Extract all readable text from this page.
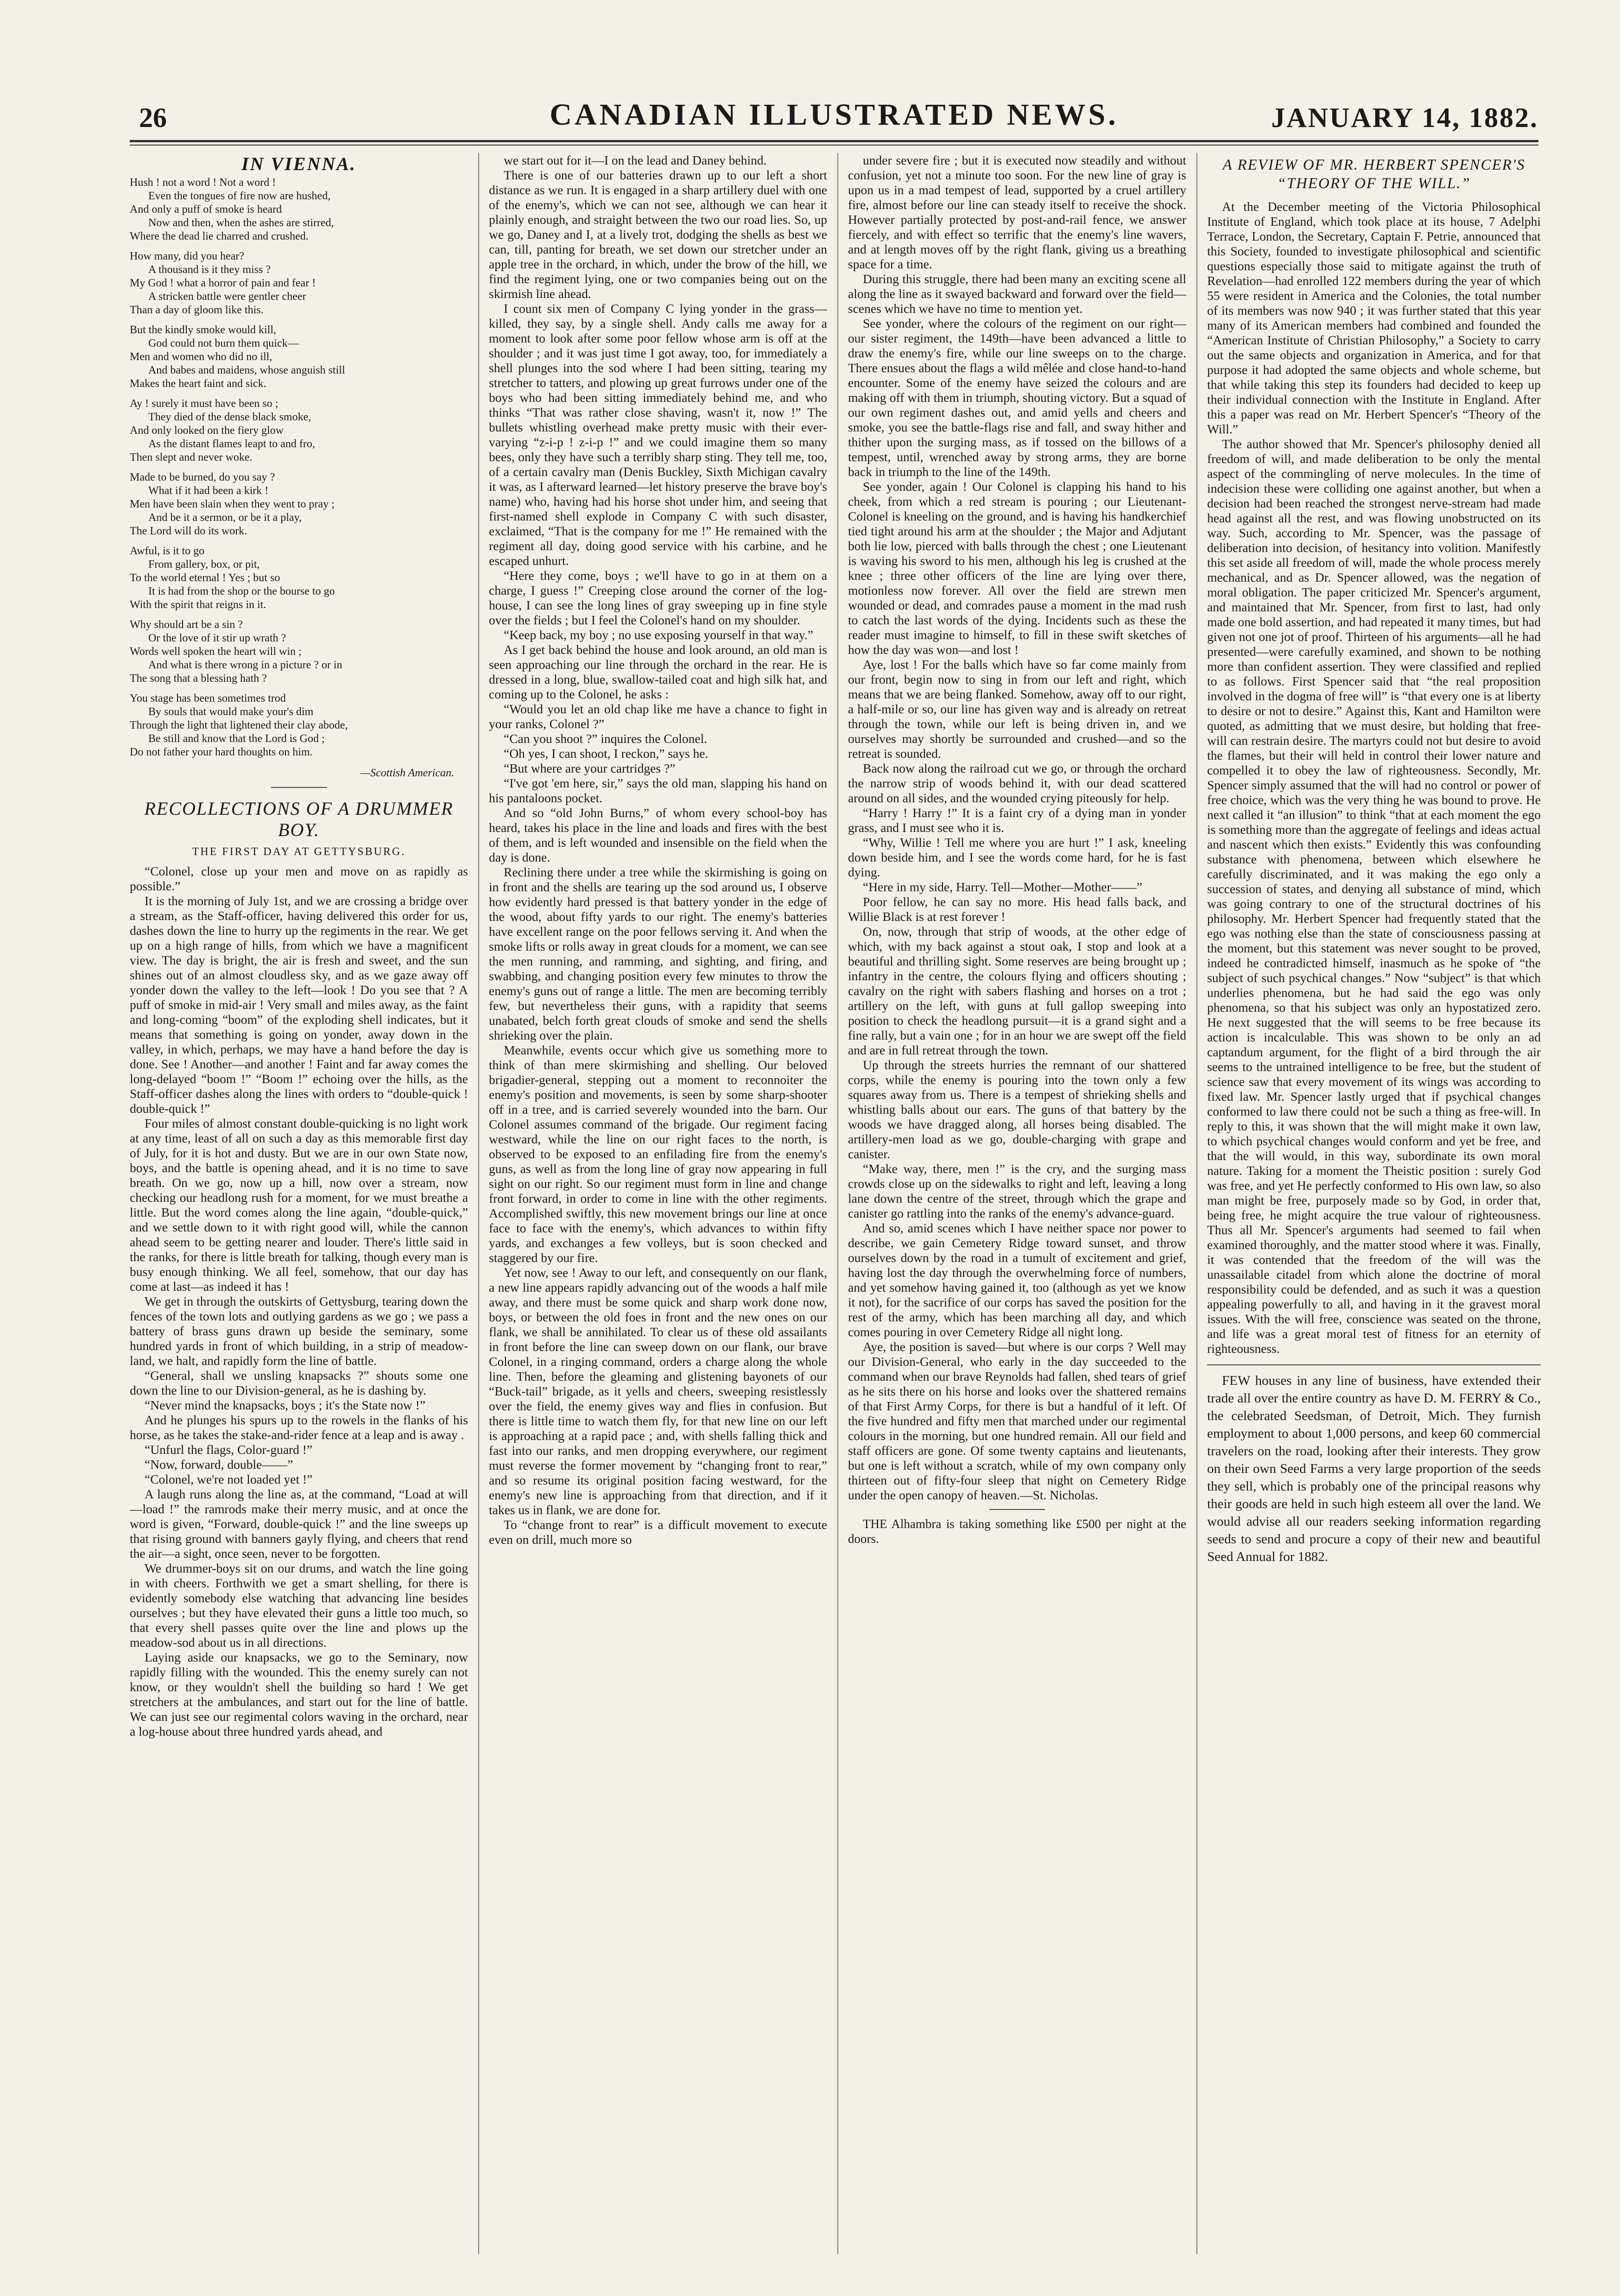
26	CANADIAN ILLUSTRATED NEWS.	JANUARY 14, 1882.
IN VIENNA.
Hush ! not a word ! Not a word !
Even the tongues of fire now are hushed,
And only a puff of smoke is heard
Now and then, when the ashes are stirred,
Where the dead lie charred and crushed.
How many, did you hear?
A thousand is it they miss ?
My God ! what a horror of pain and fear !
A stricken battle were gentler cheer
Than a day of gloom like this.
But the kindly smoke would kill,
God could not burn them quick—
Men and women who did no ill,
And babes and maidens, whose anguish still
Makes the heart faint and sick.
Ay ! surely it must have been so ;
They died of the dense black smoke,
And only looked on the fiery glow
As the distant flames leapt to and fro,
Then slept and never woke.
Made to be burned, do you say ?
What if it had been a kirk !
Men have been slain when they went to pray ;
And be it a sermon, or be it a play,
The Lord will do its work.
Awful, is it to go
From gallery, box, or pit,
To the world eternal ! Yes ; but so
It is had from the shop or the bourse to go
With the spirit that reigns in it.
Why should art be a sin ?
Or the love of it stir up wrath ?
Words well spoken the heart will win ;
And what is there wrong in a picture ? or in
The song that a blessing hath ?
You stage has been sometimes trod
By souls that would make your's dim
Through the light that lightened their clay abode,
Be still and know that the Lord is God ;
Do not father your hard thoughts on him.
—Scottish American.
RECOLLECTIONS OF A DRUMMER BOY.
THE FIRST DAY AT GETTYSBURG.

“Colonel, close up your men and move on as rapidly as possible.”

It is the morning of July 1st, and we are crossing a bridge over a stream, as the Staff-officer, having delivered this order for us, dashes down the line to hurry up the regiments in the rear. We get up on a high range of hills, from which we have a magnificent view. The day is bright, the air is fresh and sweet, and the sun shines out of an almost cloudless sky, and as we gaze away off yonder down the valley to the left—look ! Do you see that ? A puff of smoke in mid-air ! Very small and miles away, as the faint and long-coming “boom” of the exploding shell indicates, but it means that something is going on yonder, away down in the valley, in which, perhaps, we may have a hand before the day is done. See ! Another—and another ! Faint and far away comes the long-delayed “boom !” “Boom !” echoing over the hills, as the Staff-officer dashes along the lines with orders to “double-quick ! double-quick !”

Four miles of almost constant double-quicking is no light work at any time, least of all on such a day as this memorable first day of July, for it is hot and dusty. But we are in our own State now, boys, and the battle is opening ahead, and it is no time to save breath. On we go, now up a hill, now over a stream, now checking our headlong rush for a moment, for we must breathe a little. But the word comes along the line again, “double-quick,” and we settle down to it with right good will, while the cannon ahead seem to be getting nearer and louder. There's little said in the ranks, for there is little breath for talking, though every man is busy enough thinking. We all feel, somehow, that our day has come at last—as indeed it has !

We get in through the outskirts of Gettysburg, tearing down the fences of the town lots and outlying gardens as we go ; we pass a battery of brass guns drawn up beside the seminary, some hundred yards in front of which building, in a strip of meadow-land, we halt, and rapidly form the line of battle.

“General, shall we unsling knapsacks ?” shouts some one down the line to our Division-general, as he is dashing by.

“Never mind the knapsacks, boys ; it's the State now !”

And he plunges his spurs up to the rowels in the flanks of his horse, as he takes the stake-and-rider fence at a leap and is away .

“Unfurl the flags, Color-guard !”

“Now, forward, double——”

“Colonel, we're not loaded yet !”

A laugh runs along the line as, at the command, “Load at will—load !” the ramrods make their merry music, and at once the word is given, “Forward, double-quick !” and the line sweeps up that rising ground with banners gayly flying, and cheers that rend the air—a sight, once seen, never to be forgotten.

We drummer-boys sit on our drums, and watch the line going in with cheers. Forthwith we get a smart shelling, for there is evidently somebody else watching that advancing line besides ourselves ; but they have elevated their guns a little too much, so that every shell passes quite over the line and plows up the meadow-sod about us in all directions.

Laying aside our knapsacks, we go to the Seminary, now rapidly filling with the wounded. This the enemy surely can not know, or they wouldn't shell the building so hard ! We get stretchers at the ambulances, and start out for the line of battle. We can just see our regimental colors waving in the orchard, near a log-house about three hundred yards ahead, and

we start out for it—I on the lead and Daney behind.

There is one of our batteries drawn up to our left a short distance as we run. It is engaged in a sharp artillery duel with one of the enemy's, which we can not see, although we can hear it plainly enough, and straight between the two our road lies. So, up we go, Daney and I, at a lively trot, dodging the shells as best we can, till, panting for breath, we set down our stretcher under an apple tree in the orchard, in which, under the brow of the hill, we find the regiment lying, one or two companies being out on the skirmish line ahead.

I count six men of Company C lying yonder in the grass—killed, they say, by a single shell. Andy calls me away for a moment to look after some poor fellow whose arm is off at the shoulder ; and it was just time I got away, too, for immediately a shell plunges into the sod where I had been sitting, tearing my stretcher to tatters, and plowing up great furrows under one of the boys who had been sitting immediately behind me, and who thinks “That was rather close shaving, wasn't it, now !” The bullets whistling overhead make pretty music with their ever-varying “z-i-p ! z-i-p !” and we could imagine them so many bees, only they have such a terribly sharp sting. They tell me, too, of a certain cavalry man (Denis Buckley, Sixth Michigan cavalry it was, as I afterward learned—let history preserve the brave boy's name) who, having had his horse shot under him, and seeing that first-named shell explode in Company C with such disaster, exclaimed, “That is the company for me !” He remained with the regiment all day, doing good service with his carbine, and he escaped unhurt.

“Here they come, boys ; we'll have to go in at them on a charge, I guess !” Creeping close around the corner of the log-house, I can see the long lines of gray sweeping up in fine style over the fields ; but I feel the Colonel's hand on my shoulder.

“Keep back, my boy ; no use exposing yourself in that way.”

As I get back behind the house and look around, an old man is seen approaching our line through the orchard in the rear. He is dressed in a long, blue, swallow-tailed coat and high silk hat, and coming up to the Colonel, he asks :

“Would you let an old chap like me have a chance to fight in your ranks, Colonel ?”

“Can you shoot ?” inquires the Colonel.

“Oh yes, I can shoot, I reckon,” says he.

“But where are your cartridges ?”

“I've got 'em here, sir,” says the old man, slapping his hand on his pantaloons pocket.

And so “old John Burns,” of whom every school-boy has heard, takes his place in the line and loads and fires with the best of them, and is left wounded and insensible on the field when the day is done.

Reclining there under a tree while the skirmishing is going on in front and the shells are tearing up the sod around us, I observe how evidently hard pressed is that battery yonder in the edge of the wood, about fifty yards to our right. The enemy's batteries have excellent range on the poor fellows serving it. And when the smoke lifts or rolls away in great clouds for a moment, we can see the men running, and ramming, and sighting, and firing, and swabbing, and changing position every few minutes to throw the enemy's guns out of range a little. The men are becoming terribly few, but nevertheless their guns, with a rapidity that seems unabated, belch forth great clouds of smoke and send the shells shrieking over the plain.

Meanwhile, events occur which give us something more to think of than mere skirmishing and shelling. Our beloved brigadier-general, stepping out a moment to reconnoiter the enemy's position and movements, is seen by some sharp-shooter off in a tree, and is carried severely wounded into the barn. Our Colonel assumes command of the brigade. Our regiment facing westward, while the line on our right faces to the north, is observed to be exposed to an enfilading fire from the enemy's guns, as well as from the long line of gray now appearing in full sight on our right. So our regiment must form in line and change front forward, in order to come in line with the other regiments. Accomplished swiftly, this new movement brings our line at once face to face with the enemy's, which advances to within fifty yards, and exchanges a few volleys, but is soon checked and staggered by our fire.

Yet now, see ! Away to our left, and consequently on our flank, a new line appears rapidly advancing out of the woods a half mile away, and there must be some quick and sharp work done now, boys, or between the old foes in front and the new ones on our flank, we shall be annihilated. To clear us of these old assailants in front before the line can sweep down on our flank, our brave Colonel, in a ringing command, orders a charge along the whole line. Then, before the gleaming and glistening bayonets of our “Buck-tail” brigade, as it yells and cheers, sweeping resistlessly over the field, the enemy gives way and flies in confusion. But there is little time to watch them fly, for that new line on our left is approaching at a rapid pace ; and, with shells falling thick and fast into our ranks, and men dropping everywhere, our regiment must reverse the former movement by “changing front to rear,” and so resume its original position facing westward, for the enemy's new line is approaching from that direction, and if it takes us in flank, we are done for.

To “change front to rear” is a difficult movement to execute even on drill, much more so

under severe fire ; but it is executed now steadily and without confusion, yet not a minute too soon. For the new line of gray is upon us in a mad tempest of lead, supported by a cruel artillery fire, almost before our line can steady itself to receive the shock. However partially protected by post-and-rail fence, we answer fiercely, and with effect so terrific that the enemy's line wavers, and at length moves off by the right flank, giving us a breathing space for a time.

During this struggle, there had been many an exciting scene all along the line as it swayed backward and forward over the field—scenes which we have no time to mention yet.

See yonder, where the colours of the regiment on our right—our sister regiment, the 149th—have been advanced a little to draw the enemy's fire, while our line sweeps on to the charge. There ensues about the flags a wild mêlée and close hand-to-hand encounter. Some of the enemy have seized the colours and are making off with them in triumph, shouting victory. But a squad of our own regiment dashes out, and amid yells and cheers and smoke, you see the battle-flags rise and fall, and sway hither and thither upon the surging mass, as if tossed on the billows of a tempest, until, wrenched away by strong arms, they are borne back in triumph to the line of the 149th.

See yonder, again ! Our Colonel is clapping his hand to his cheek, from which a red stream is pouring ; our Lieutenant-Colonel is kneeling on the ground, and is having his handkerchief tied tight around his arm at the shoulder ; the Major and Adjutant both lie low, pierced with balls through the chest ; one Lieutenant is waving his sword to his men, although his leg is crushed at the knee ; three other officers of the line are lying over there, motionless now forever. All over the field are strewn men wounded or dead, and comrades pause a moment in the mad rush to catch the last words of the dying. Incidents such as these the reader must imagine to himself, to fill in these swift sketches of how the day was won—and lost !

Aye, lost ! For the balls which have so far come mainly from our front, begin now to sing in from our left and right, which means that we are being flanked. Somehow, away off to our right, a half-mile or so, our line has given way and is already on retreat through the town, while our left is being driven in, and we ourselves may shortly be surrounded and crushed—and so the retreat is sounded.

Back now along the railroad cut we go, or through the orchard the narrow strip of woods behind it, with our dead scattered around on all sides, and the wounded crying piteously for help.

“Harry ! Harry !” It is a faint cry of a dying man in yonder grass, and I must see who it is.

“Why, Willie ! Tell me where you are hurt !” I ask, kneeling down beside him, and I see the words come hard, for he is fast dying.

“Here in my side, Harry. Tell—Mother—Mother——”

Poor fellow, he can say no more. His head falls back, and Willie Black is at rest forever !

On, now, through that strip of woods, at the other edge of which, with my back against a stout oak, I stop and look at a beautiful and thrilling sight. Some reserves are being brought up ; infantry in the centre, the colours flying and officers shouting ; cavalry on the right with sabers flashing and horses on a trot ; artillery on the left, with guns at full gallop sweeping into position to check the headlong pursuit—it is a grand sight and a fine rally, but a vain one ; for in an hour we are swept off the field and are in full retreat through the town.

Up through the streets hurries the remnant of our shattered corps, while the enemy is pouring into the town only a few squares away from us. There is a tempest of shrieking shells and whistling balls about our ears. The guns of that battery by the woods we have dragged along, all horses being disabled. The artillery-men load as we go, double-charging with grape and canister.

“Make way, there, men !” is the cry, and the surging mass crowds close up on the sidewalks to right and left, leaving a long lane down the centre of the street, through which the grape and canister go rattling into the ranks of the enemy's advance-guard.

And so, amid scenes which I have neither space nor power to describe, we gain Cemetery Ridge toward sunset, and throw ourselves down by the road in a tumult of excitement and grief, having lost the day through the overwhelming force of numbers, and yet somehow having gained it, too (although as yet we know it not), for the sacrifice of our corps has saved the position for the rest of the army, which has been marching all day, and which comes pouring in over Cemetery Ridge all night long.

Aye, the position is saved—but where is our corps ? Well may our Division-General, who early in the day succeeded to the command when our brave Reynolds had fallen, shed tears of grief as he sits there on his horse and looks over the shattered remains of that First Army Corps, for there is but a handful of it left. Of the five hundred and fifty men that marched under our regimental colours in the morning, but one hundred remain. All our field and staff officers are gone. Of some twenty captains and lieutenants, but one is left without a scratch, while of my own company only thirteen out of fifty-four sleep that night on Cemetery Ridge under the open canopy of heaven.—St. Nicholas.

THE Alhambra is taking something like £500 per night at the doors.

A REVIEW OF MR. HERBERT SPENCER'S “THEORY OF THE WILL.”

At the December meeting of the Victoria Philosophical Institute of England, which took place at its house, 7 Adelphi Terrace, London, the Secretary, Captain F. Petrie, announced that this Society, founded to investigate philosophical and scientific questions especially those said to mitigate against the truth of Revelation—had enrolled 122 members during the year of which 55 were resident in America and the Colonies, the total number of its members was now 940 ; it was further stated that this year many of its American members had combined and founded the “American Institute of Christian Philosophy,” a Society to carry out the same objects and organization in America, and for that purpose it had adopted the same objects and whole scheme, but that while taking this step its founders had decided to keep up their individual connection with the Institute in England. After this a paper was read on Mr. Herbert Spencer's “Theory of the Will.”

The author showed that Mr. Spencer's philosophy denied all freedom of will, and made deliberation to be only the mental aspect of the commingling of nerve molecules. In the time of indecision these were colliding one against another, but when a decision had been reached the strongest nerve-stream had made head against all the rest, and was flowing unobstructed on its way. Such, according to Mr. Spencer, was the passage of deliberation into decision, of hesitancy into volition. Manifestly this set aside all freedom of will, made the whole process merely mechanical, and as Dr. Spencer allowed, was the negation of moral obligation. The paper criticized Mr. Spencer's argument, and maintained that Mr. Spencer, from first to last, had only made one bold assertion, and had repeated it many times, but had given not one jot of proof. Thirteen of his arguments—all he had presented—were carefully examined, and shown to be nothing more than confident assertion. They were classified and replied to as follows. First Spencer said that “the real proposition involved in the dogma of free will” is “that every one is at liberty to desire or not to desire.” Against this, Kant and Hamilton were quoted, as admitting that we must desire, but holding that free-will can restrain desire. The martyrs could not but desire to avoid the flames, but their will held in control their lower nature and compelled it to obey the law of righteousness. Secondly, Mr. Spencer simply assumed that the will had no control or power of free choice, which was the very thing he was bound to prove. He next called it “an illusion” to think “that at each moment the ego is something more than the aggregate of feelings and ideas actual and nascent which then exists.” Evidently this was confounding substance with phenomena, between which elsewhere he carefully discriminated, and it was making the ego only a succession of states, and denying all substance of mind, which was going contrary to one of the structural doctrines of his philosophy. Mr. Herbert Spencer had frequently stated that the ego was nothing else than the state of consciousness passing at the moment, but this statement was never sought to be proved, indeed he contradicted himself, inasmuch as he spoke of “the subject of such psychical changes.” Now “subject” is that which underlies phenomena, but he had said the ego was only phenomena, so that his subject was only an hypostatized zero. He next suggested that the will seems to be free because its action is incalculable. This was shown to be only an ad captandum argument, for the flight of a bird through the air seems to the untrained intelligence to be free, but the student of science saw that every movement of its wings was according to fixed law. Mr. Spencer lastly urged that if psychical changes conformed to law there could not be such a thing as free-will. In reply to this, it was shown that the will might make it own law, to which psychical changes would conform and yet be free, and that the will would, in this way, subordinate its own moral nature. Taking for a moment the Theistic position : surely God was free, and yet He perfectly conformed to His own law, so also man might be free, purposely made so by God, in order that, being free, he might acquire the true valour of righteousness. Thus all Mr. Spencer's arguments had seemed to fail when examined thoroughly, and the matter stood where it was. Finally, it was contended that the freedom of the will was the unassailable citadel from which alone the doctrine of moral responsibility could be defended, and as such it was a question appealing powerfully to all, and having in it the gravest moral issues. With the will free, conscience was seated on the throne, and life was a great moral test of fitness for an eternity of righteousness.

FEW houses in any line of business, have extended their trade all over the entire country as have D. M. FERRY & Co., the celebrated Seedsman, of Detroit, Mich. They furnish employment to about 1,000 persons, and keep 60 commercial travelers on the road, looking after their interests. They grow on their own Seed Farms a very large proportion of the seeds they sell, which is probably one of the principal reasons why their goods are held in such high esteem all over the land. We would advise all our readers seeking information regarding seeds to send and procure a copy of their new and beautiful Seed Annual for 1882.
